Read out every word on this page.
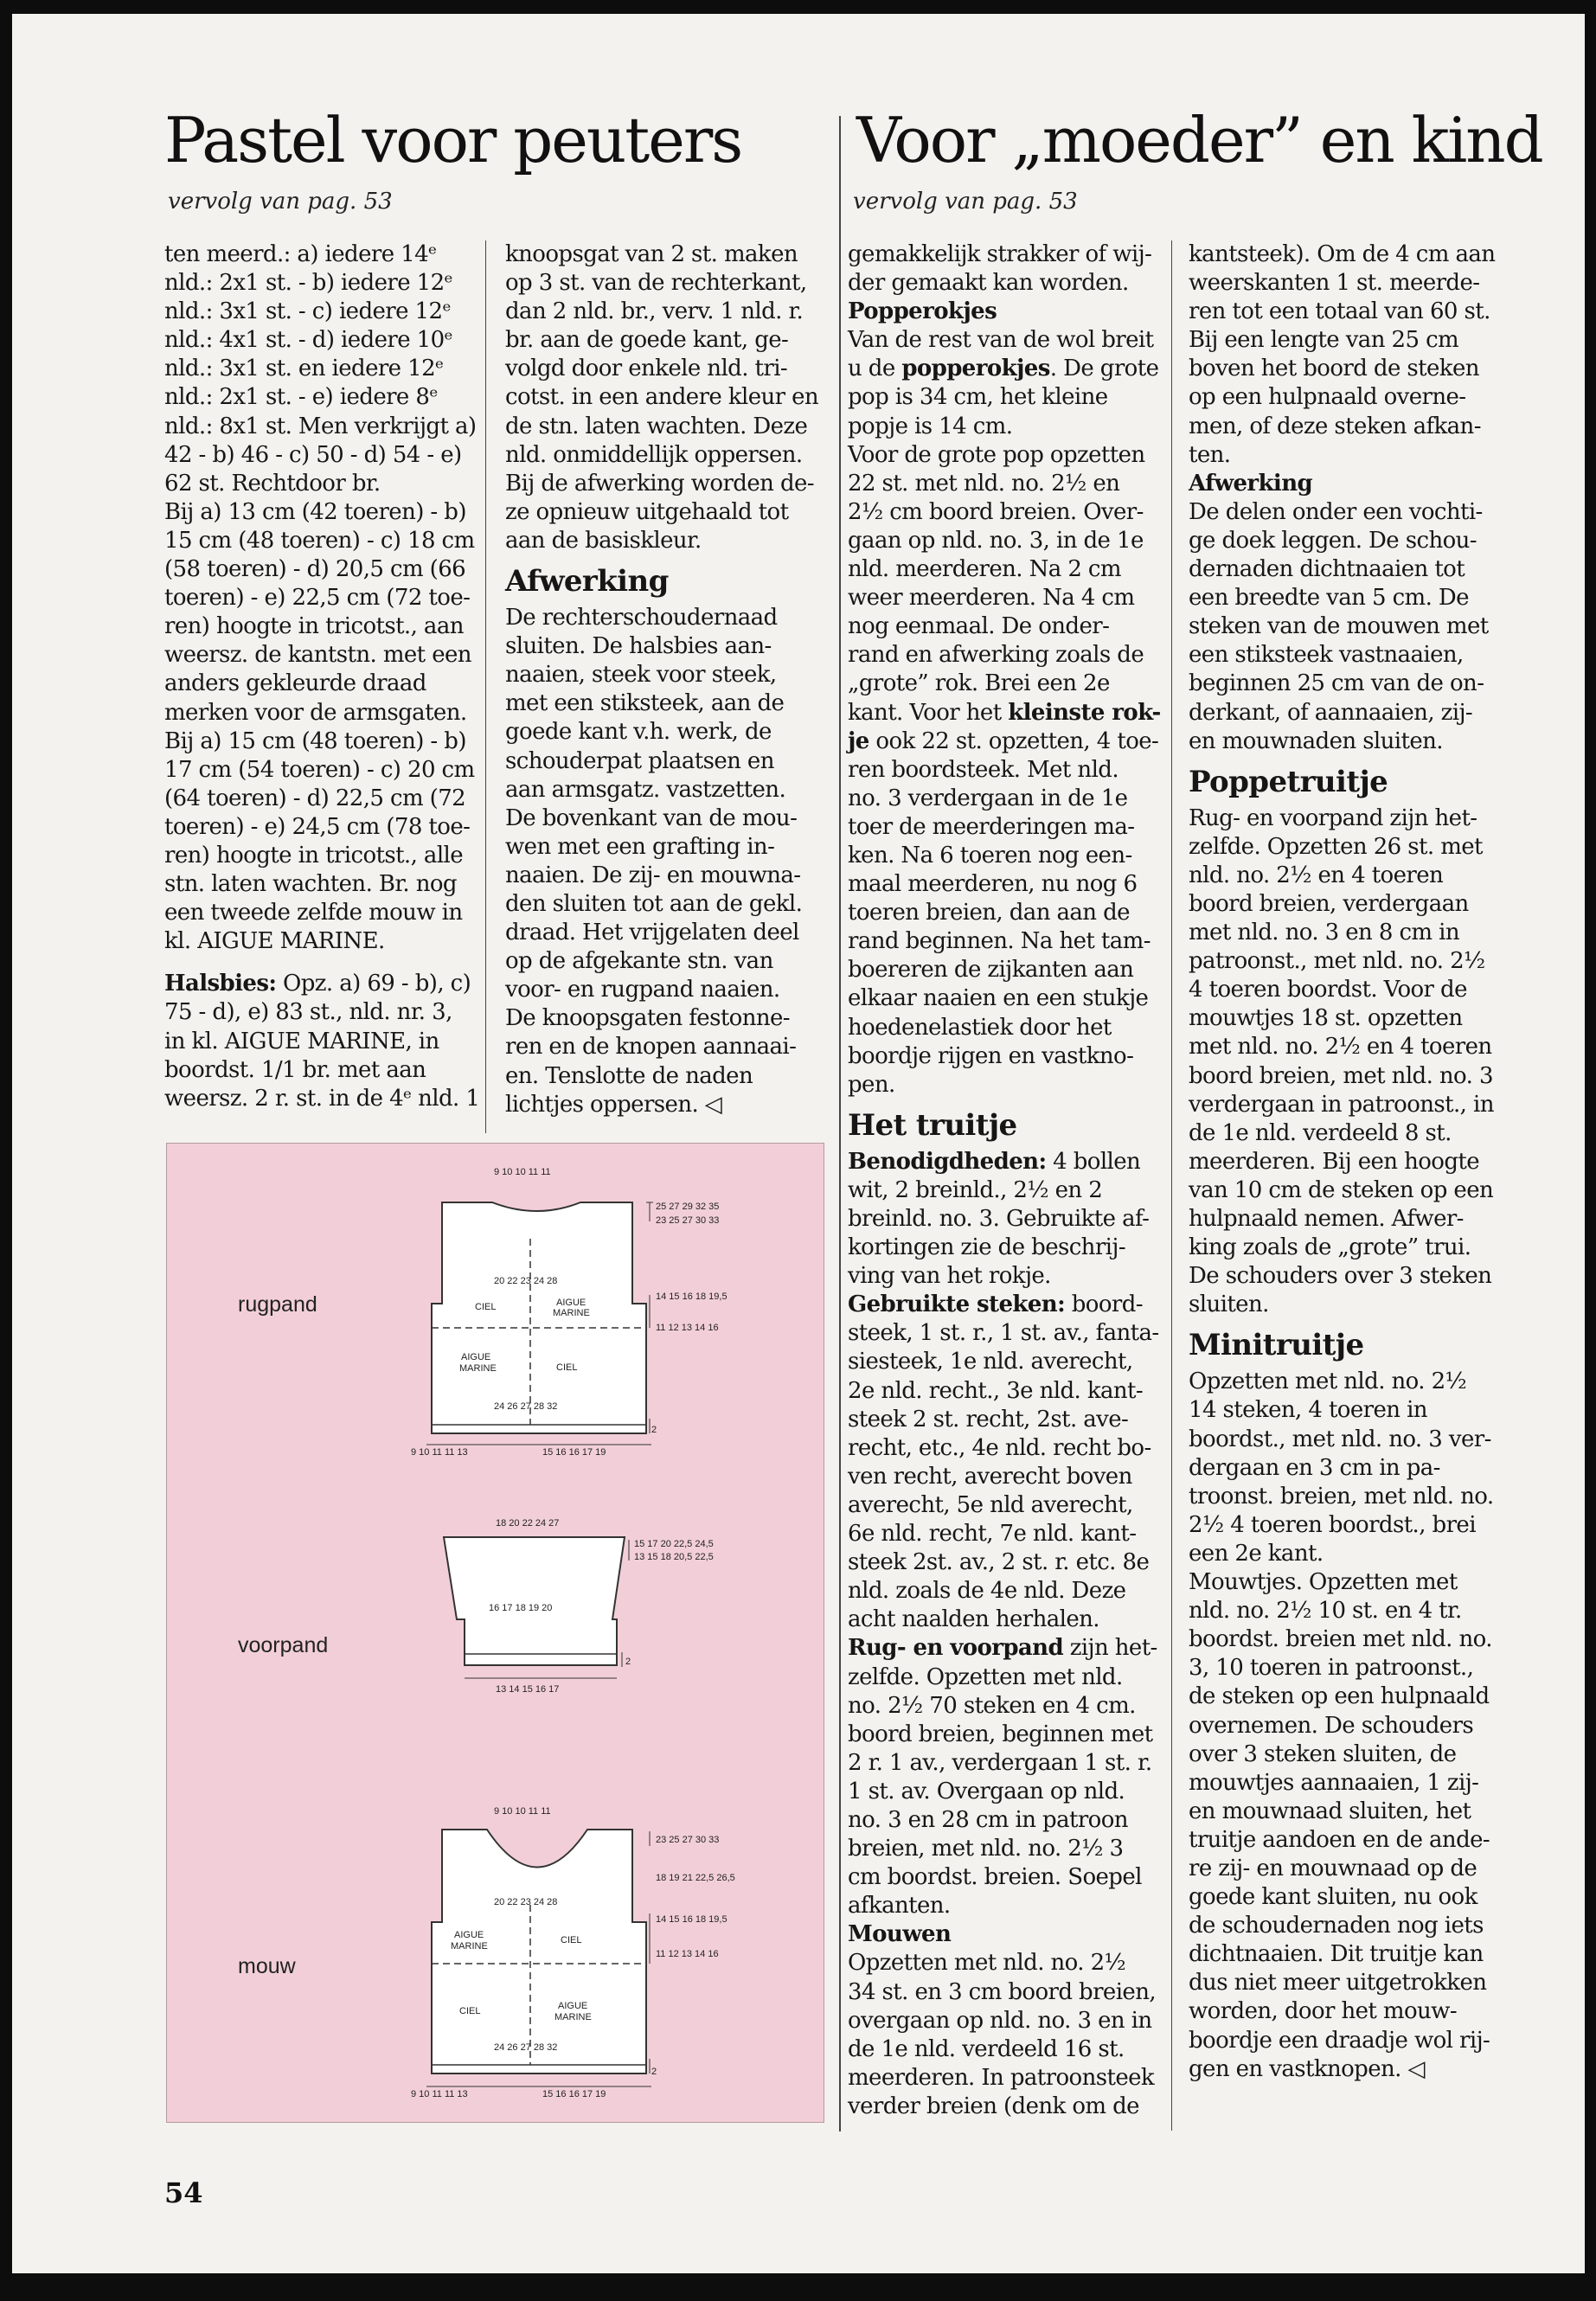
Pastel voor peuters
vervolg van pag. 53
Voor „moeder” en kind
vervolg van pag. 53
ten meerd.: a) iedere 14ᵉ
nld.: 2x1 st. - b) iedere 12ᵉ
nld.: 3x1 st. - c) iedere 12ᵉ
nld.: 4x1 st. - d) iedere 10ᵉ
nld.: 3x1 st. en iedere 12ᵉ
nld.: 2x1 st. - e) iedere 8ᵉ
nld.: 8x1 st. Men verkrijgt a)
42 - b) 46 - c) 50 - d) 54 - e)
62 st. Rechtdoor br.
Bij a) 13 cm (42 toeren) - b)
15 cm (48 toeren) - c) 18 cm
(58 toeren) - d) 20,5 cm (66
toeren) - e) 22,5 cm (72 toe-
ren) hoogte in tricotst., aan
weersz. de kantstn. met een
anders gekleurde draad
merken voor de armsgaten.
Bij a) 15 cm (48 toeren) - b)
17 cm (54 toeren) - c) 20 cm
(64 toeren) - d) 22,5 cm (72
toeren) - e) 24,5 cm (78 toe-
ren) hoogte in tricotst., alle
stn. laten wachten. Br. nog
een tweede zelfde mouw in
kl. AIGUE MARINE.
Halsbies: Opz. a) 69 - b), c)
75 - d), e) 83 st., nld. nr. 3,
in kl. AIGUE MARINE, in
boordst. 1/1 br. met aan
weersz. 2 r. st. in de 4ᵉ nld. 1
knoopsgat van 2 st. maken
op 3 st. van de rechterkant,
dan 2 nld. br., verv. 1 nld. r.
br. aan de goede kant, ge-
volgd door enkele nld. tri-
cotst. in een andere kleur en
de stn. laten wachten. Deze
nld. onmiddellijk oppersen.
Bij de afwerking worden de-
ze opnieuw uitgehaald tot
aan de basiskleur.
Afwerking
De rechterschoudernaad
sluiten. De halsbies aan-
naaien, steek voor steek,
met een stiksteek, aan de
goede kant v.h. werk, de
schouderpat plaatsen en
aan armsgatz. vastzetten.
De bovenkant van de mou-
wen met een grafting in-
naaien. De zij- en mouwna-
den sluiten tot aan de gekl.
draad. Het vrijgelaten deel
op de afgekante stn. van
voor- en rugpand naaien.
De knoopsgaten festonne-
ren en de knopen aannaai-
en. Tenslotte de naden
lichtjes oppersen. ◁
gemakkelijk strakker of wij-
der gemaakt kan worden.
Popperokjes
Van de rest van de wol breit
u de popperokjes. De grote
pop is 34 cm, het kleine
popje is 14 cm.
Voor de grote pop opzetten
22 st. met nld. no. 2½ en
2½ cm boord breien. Over-
gaan op nld. no. 3, in de 1e
nld. meerderen. Na 2 cm
weer meerderen. Na 4 cm
nog eenmaal. De onder-
rand en afwerking zoals de
„grote” rok. Brei een 2e
kant. Voor het kleinste rok-
je ook 22 st. opzetten, 4 toe-
ren boordsteek. Met nld.
no. 3 verdergaan in de 1e
toer de meerderingen ma-
ken. Na 6 toeren nog een-
maal meerderen, nu nog 6
toeren breien, dan aan de
rand beginnen. Na het tam-
boereren de zijkanten aan
elkaar naaien en een stukje
hoedenelastiek door het
boordje rijgen en vastkno-
pen.
Het truitje
Benodigdheden: 4 bollen
wit, 2 breinld., 2½ en 2
breinld. no. 3. Gebruikte af-
kortingen zie de beschrij-
ving van het rokje.
Gebruikte steken: boord-
steek, 1 st. r., 1 st. av., fanta-
siesteek, 1e nld. averecht,
2e nld. recht., 3e nld. kant-
steek 2 st. recht, 2st. ave-
recht, etc., 4e nld. recht bo-
ven recht, averecht boven
averecht, 5e nld averecht,
6e nld. recht, 7e nld. kant-
steek 2st. av., 2 st. r. etc. 8e
nld. zoals de 4e nld. Deze
acht naalden herhalen.
Rug- en voorpand zijn het-
zelfde. Opzetten met nld.
no. 2½ 70 steken en 4 cm.
boord breien, beginnen met
2 r. 1 av., verdergaan 1 st. r.
1 st. av. Overgaan op nld.
no. 3 en 28 cm in patroon
breien, met nld. no. 2½ 3
cm boordst. breien. Soepel
afkanten.
Mouwen
Opzetten met nld. no. 2½
34 st. en 3 cm boord breien,
overgaan op nld. no. 3 en in
de 1e nld. verdeeld 16 st.
meerderen. In patroonsteek
verder breien (denk om de
kantsteek). Om de 4 cm aan
weerskanten 1 st. meerde-
ren tot een totaal van 60 st.
Bij een lengte van 25 cm
boven het boord de steken
op een hulpnaald overne-
men, of deze steken afkan-
ten.
Afwerking
De delen onder een vochti-
ge doek leggen. De schou-
dernaden dichtnaaien tot
een breedte van 5 cm. De
steken van de mouwen met
een stiksteek vastnaaien,
beginnen 25 cm van de on-
derkant, of aannaaien, zij-
en mouwnaden sluiten.
Poppetruitje
Rug- en voorpand zijn het-
zelfde. Opzetten 26 st. met
nld. no. 2½ en 4 toeren
boord breien, verdergaan
met nld. no. 3 en 8 cm in
patroonst., met nld. no. 2½
4 toeren boordst. Voor de
mouwtjes 18 st. opzetten
met nld. no. 2½ en 4 toeren
boord breien, met nld. no. 3
verdergaan in patroonst., in
de 1e nld. verdeeld 8 st.
meerderen. Bij een hoogte
van 10 cm de steken op een
hulpnaald nemen. Afwer-
king zoals de „grote” trui.
De schouders over 3 steken
sluiten.
Minitruitje
Opzetten met nld. no. 2½
14 steken, 4 toeren in
boordst., met nld. no. 3 ver-
dergaan en 3 cm in pa-
troonst. breien, met nld. no.
2½ 4 toeren boordst., brei
een 2e kant.
Mouwtjes. Opzetten met
nld. no. 2½ 10 st. en 4 tr.
boordst. breien met nld. no.
3, 10 toeren in patroonst.,
de steken op een hulpnaald
overnemen. De schouders
over 3 steken sluiten, de
mouwtjes aannaaien, 1 zij-
en mouwnaad sluiten, het
truitje aandoen en de ande-
re zij- en mouwnaad op de
goede kant sluiten, nu ook
de schoudernaden nog iets
dichtnaaien. Dit truitje kan
dus niet meer uitgetrokken
worden, door het mouw-
boordje een draadje wol rij-
gen en vastknopen. ◁
rugpand
voorpand
mouw
9 10 10 11 11
25 27 29 32 35
23 25 27 30 33
20 22 23 24 28
14 15 16 18 19,5
11 12 13 14 16
CIEL	AIGUE
MARINE
AIGUE
MARINE	CIEL
24 26 27 28 32
2
9 10 11 11 13	15 16 16 17 19
18 20 22 24 27
15 17 20 22,5 24,5
13 15 18 20,5 22,5
16 17 18 19 20
2
13 14 15 16 17
9 10 10 11 11
23 25 27 30 33
18 19 21 22,5 26,5
14 15 16 18 19,5
11 12 13 14 16
20 22 23 24 28
AIGUE
MARINE
CIEL
CIEL	AIGUE
MARINE
24 26 27 28 32
2
9 10 11 11 13	15 16 16 17 19
54
